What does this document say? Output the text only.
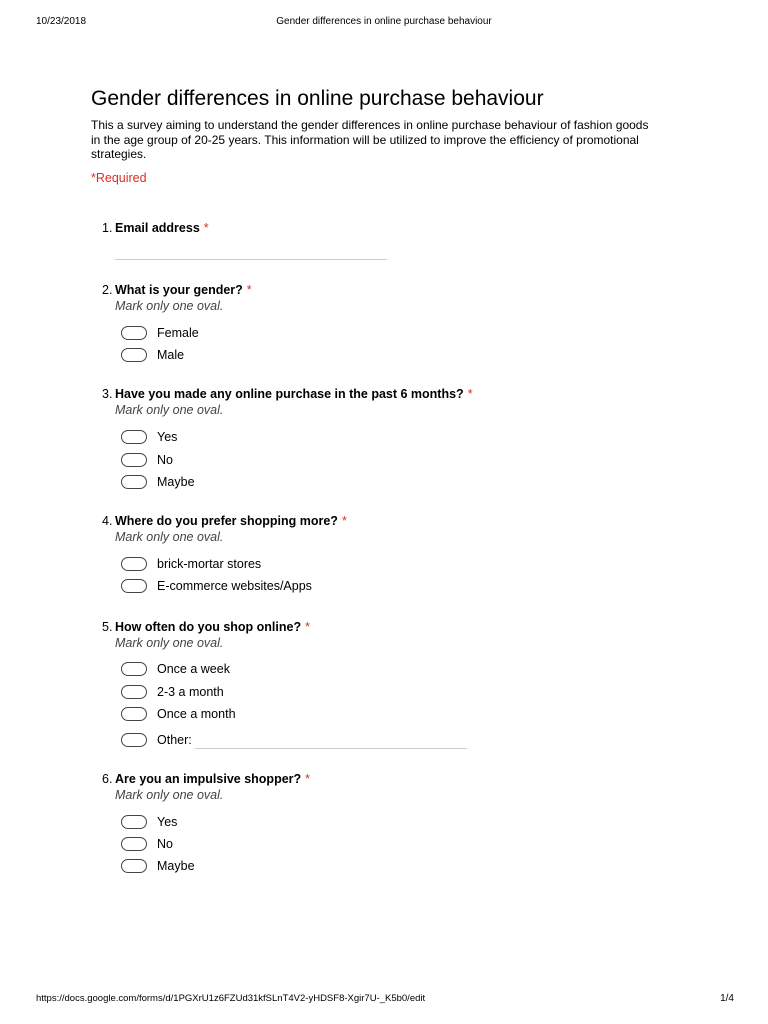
10/23/2018	Gender differences in online purchase behaviour
Gender differences in online purchase behaviour

This a survey aiming to understand the gender differences in online purchase behaviour of fashion goods in the age group of 20-25 years. This information will be utilized to improve the efficiency of promotional strategies.

*Required
1. Email address *
2. What is your gender? *
Mark only one oval.
Female
Male
3. Have you made any online purchase in the past 6 months? *
Mark only one oval.
Yes
No
Maybe
4. Where do you prefer shopping more? *
Mark only one oval.
brick-mortar stores
E-commerce websites/Apps
5. How often do you shop online? *
Mark only one oval.
Once a week
2-3 a month
Once a month
Other:
6. Are you an impulsive shopper? *
Mark only one oval.
Yes
No
Maybe
https://docs.google.com/forms/d/1PGXrU1z6FZUd31kfSLnT4V2-yHDSF8-Xgir7U-_K5b0/edit	1/4
